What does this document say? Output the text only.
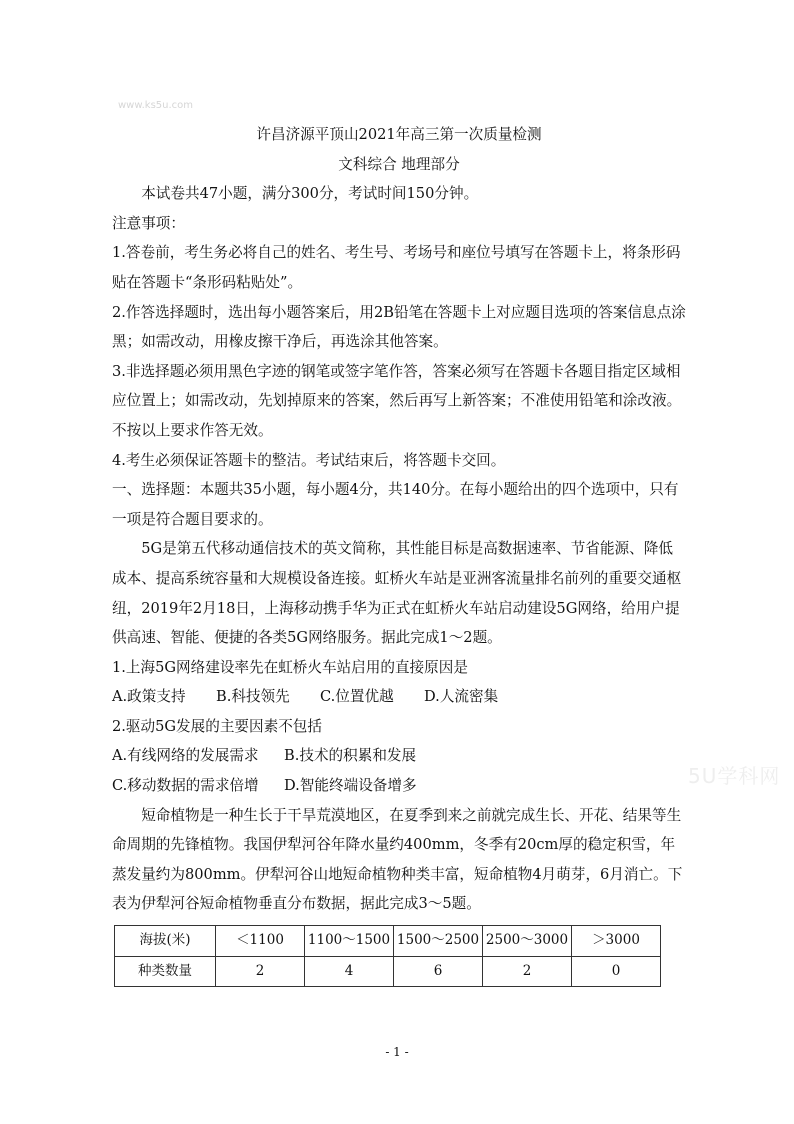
www.ks5u.com
5U学科网

许昌济源平顶山2021年高三第一次质量检测

文科综合 地理部分

本试卷共47小题，满分300分，考试时间150分钟。

注意事项：

1.答卷前，考生务必将自己的姓名、考生号、考场号和座位号填写在答题卡上，将条形码贴在答题卡“条形码粘贴处”。

2.作答选择题时，选出每小题答案后，用2B铅笔在答题卡上对应题目选项的答案信息点涂黑；如需改动，用橡皮擦干净后，再选涂其他答案。

3.非选择题必须用黑色字迹的钢笔或签字笔作答，答案必须写在答题卡各题目指定区域相应位置上；如需改动，先划掉原来的答案，然后再写上新答案；不准使用铅笔和涂改液。不按以上要求作答无效。

4.考生必须保证答题卡的整洁。考试结束后，将答题卡交回。

一、选择题：本题共35小题，每小题4分，共140分。在每小题给出的四个选项中，只有一项是符合题目要求的。

5G是第五代移动通信技术的英文简称，其性能目标是高数据速率、节省能源、降低成本、提高系统容量和大规模设备连接。虹桥火车站是亚洲客流量排名前列的重要交通枢纽，2019年2月18日，上海移动携手华为正式在虹桥火车站启动建设5G网络，给用户提供高速、智能、便捷的各类5G网络服务。据此完成1～2题。

1.上海5G网络建设率先在虹桥火车站启用的直接原因是

A.政策支持	B.科技领先	C.位置优越	D.人流密集

2.驱动5G发展的主要因素不包括

A.有线网络的发展需求	B.技术的积累和发展
C.移动数据的需求倍增	D.智能终端设备增多

短命植物是一种生长于干旱荒漠地区，在夏季到来之前就完成生长、开花、结果等生命周期的先锋植物。我国伊犁河谷年降水量约400mm，冬季有20cm厚的稳定积雪，年蒸发量约为800mm。伊犁河谷山地短命植物种类丰富，短命植物4月萌芽，6月消亡。下表为伊犁河谷短命植物垂直分布数据，据此完成3～5题。

海拔(米)	＜1100	1100～1500	1500～2500	2500～3000	＞3000
种类数量	2	4	6	2	0
- 1 -
